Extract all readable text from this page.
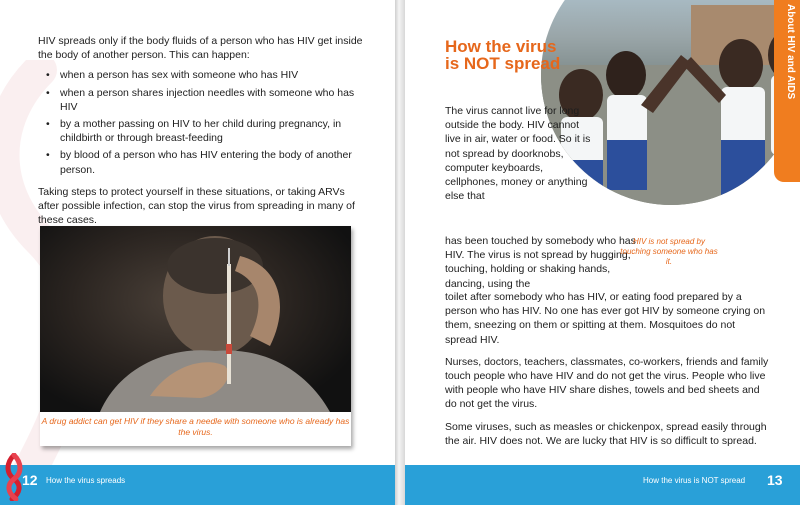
HIV spreads only if the body fluids of a person who has HIV get inside the body of another person. This can happen:

• when a person has sex with someone who has HIV
• when a person shares injection needles with someone who has HIV
• by a mother passing on HIV to her child during pregnancy, in childbirth or through breast-feeding
• by blood of a person who has HIV entering the body of another person.

Taking steps to protect yourself in these situations, or taking ARVs after possible infection, can stop the virus from spreading in many of these cases.

A drug addict can get HIV if they share a needle with someone who is already has the virus.
12 How the virus spreads
About HIV and AIDS
How the virus is NOT spread

The virus cannot live for long outside the body. HIV cannot live in air, water or food. So it is not spread by doorknobs, computer keyboards, cellphones, money or anything else that

has been touched by somebody who has HIV. The virus is not spread by hugging, touching, holding or shaking hands, dancing, using the

HIV is not spread by touching someone who has it.

toilet after somebody who has HIV, or eating food prepared by a person who has HIV. No one has ever got HIV by someone crying on them, sneezing on them or spitting at them. Mosquitoes do not spread HIV.

Nurses, doctors, teachers, classmates, co-workers, friends and family touch people who have HIV and do not get the virus. People who live with people who have HIV share dishes, towels and bed sheets and do not get the virus.

Some viruses, such as measles or chickenpox, spread easily through the air. HIV does not. We are lucky that HIV is so difficult to spread.

How the virus is NOT spread 13
